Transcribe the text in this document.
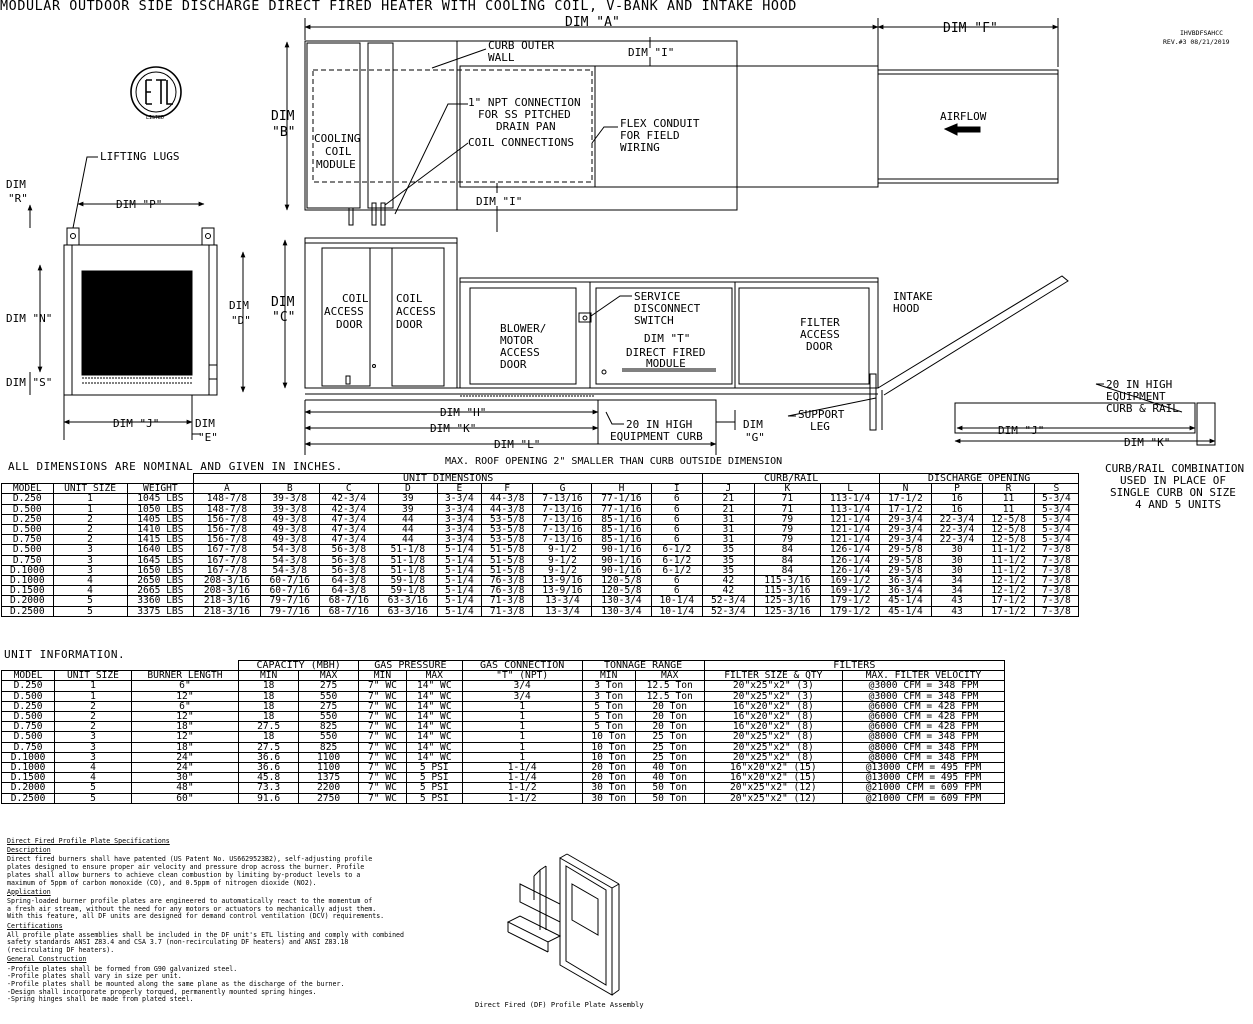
MODULAR OUTDOOR SIDE DISCHARGE DIRECT FIRED HEATER WITH COOLING COIL, V-BANK AND INTAKE HOOD
IHVBDFSAHCC
REV.#3 08/21/2019
LISTED
DIM "A"	DIM "F"
DIM "I"
DIM
"B"
CURB OUTER
WALL
1" NPT CONNECTION
FOR SS PITCHED
DRAIN PAN
COIL CONNECTIONS
FLEX CONDUIT
FOR FIELD
WIRING
COOLING
COIL
MODULE
AIRFLOW
DIM "I"
LIFTING LUGS
DIM
"R"	DIM "P"
DIM "N"
DIM
"D"
DIM "S"
DIM "J"	DIM
"E"
DIM
"C"
COIL
ACCESS
DOOR
COIL
ACCESS
DOOR	BLOWER/
MOTOR
ACCESS
DOOR
SERVICE
DISCONNECT
SWITCH
DIM "T"
DIRECT FIRED
MODULE
FILTER
ACCESS
DOOR
INTAKE
HOOD
DIM "H"
DIM "K"
DIM "L"
20 IN HIGH
EQUIPMENT CURB
DIM
"G"
SUPPORT
LEG
MAX. ROOF OPENING 2" SMALLER THAN CURB OUTSIDE DIMENSION
20 IN HIGH
EQUIPMENT
CURB & RAIL
DIM "J"
DIM "K"
CURB/RAIL COMBINATION
USED IN PLACE OF
SINGLE CURB ON SIZE
4 AND 5 UNITS
Direct Fired (DF) Profile Plate Assembly
ALL DIMENSIONS ARE NOMINAL AND GIVEN IN INCHES.
			UNIT DIMENSIONS									CURB/RAIL			DISCHARGE OPENING			
MODEL	UNIT SIZE	WEIGHT	A	B	C	D	E	F	G	H	I	J	K	L	N	P	R	S
D.250	1	1045 LBS	148-7/8	39-3/8	42-3/4	39	3-3/4	44-3/8	7-13/16	77-1/16	6	21	71	113-1/4	17-1/2	16	11	5-3/4
D.500	1	1050 LBS	148-7/8	39-3/8	42-3/4	39	3-3/4	44-3/8	7-13/16	77-1/16	6	21	71	113-1/4	17-1/2	16	11	5-3/4
D.250	2	1405 LBS	156-7/8	49-3/8	47-3/4	44	3-3/4	53-5/8	7-13/16	85-1/16	6	31	79	121-1/4	29-3/4	22-3/4	12-5/8	5-3/4
D.500	2	1410 LBS	156-7/8	49-3/8	47-3/4	44	3-3/4	53-5/8	7-13/16	85-1/16	6	31	79	121-1/4	29-3/4	22-3/4	12-5/8	5-3/4
D.750	2	1415 LBS	156-7/8	49-3/8	47-3/4	44	3-3/4	53-5/8	7-13/16	85-1/16	6	31	79	121-1/4	29-3/4	22-3/4	12-5/8	5-3/4
D.500	3	1640 LBS	167-7/8	54-3/8	56-3/8	51-1/8	5-1/4	51-5/8	9-1/2	90-1/16	6-1/2	35	84	126-1/4	29-5/8	30	11-1/2	7-3/8
D.750	3	1645 LBS	167-7/8	54-3/8	56-3/8	51-1/8	5-1/4	51-5/8	9-1/2	90-1/16	6-1/2	35	84	126-1/4	29-5/8	30	11-1/2	7-3/8
D.1000	3	1650 LBS	167-7/8	54-3/8	56-3/8	51-1/8	5-1/4	51-5/8	9-1/2	90-1/16	6-1/2	35	84	126-1/4	29-5/8	30	11-1/2	7-3/8
D.1000	4	2650 LBS	208-3/16	60-7/16	64-3/8	59-1/8	5-1/4	76-3/8	13-9/16	120-5/8	6	42	115-3/16	169-1/2	36-3/4	34	12-1/2	7-3/8
D.1500	4	2665 LBS	208-3/16	60-7/16	64-3/8	59-1/8	5-1/4	76-3/8	13-9/16	120-5/8	6	42	115-3/16	169-1/2	36-3/4	34	12-1/2	7-3/8
D.2000	5	3360 LBS	218-3/16	79-7/16	68-7/16	63-3/16	5-1/4	71-3/8	13-3/4	130-3/4	10-1/4	52-3/4	125-3/16	179-1/2	45-1/4	43	17-1/2	7-3/8
D.2500	5	3375 LBS	218-3/16	79-7/16	68-7/16	63-3/16	5-1/4	71-3/8	13-3/4	130-3/4	10-1/4	52-3/4	125-3/16	179-1/2	45-1/4	43	17-1/2	7-3/8
UNIT INFORMATION.
			CAPACITY (MBH)		GAS PRESSURE		GAS CONNECTION	TONNAGE RANGE		FILTERS	
MODEL	UNIT SIZE	BURNER LENGTH	MIN	MAX	MIN	MAX	"T" (NPT)	MIN	MAX	FILTER SIZE & QTY	MAX. FILTER VELOCITY
D.250	1	6"	18	275	7" WC	14" WC	3/4	3 Ton	12.5 Ton	20"x25"x2" (3)	@3000 CFM = 348 FPM
D.500	1	12"	18	550	7" WC	14" WC	3/4	3 Ton	12.5 Ton	20"x25"x2" (3)	@3000 CFM = 348 FPM
D.250	2	6"	18	275	7" WC	14" WC	1	5 Ton	20 Ton	16"x20"x2" (8)	@6000 CFM = 428 FPM
D.500	2	12"	18	550	7" WC	14" WC	1	5 Ton	20 Ton	16"x20"x2" (8)	@6000 CFM = 428 FPM
D.750	2	18"	27.5	825	7" WC	14" WC	1	5 Ton	20 Ton	16"x20"x2" (8)	@6000 CFM = 428 FPM
D.500	3	12"	18	550	7" WC	14" WC	1	10 Ton	25 Ton	20"x25"x2" (8)	@8000 CFM = 348 FPM
D.750	3	18"	27.5	825	7" WC	14" WC	1	10 Ton	25 Ton	20"x25"x2" (8)	@8000 CFM = 348 FPM
D.1000	3	24"	36.6	1100	7" WC	14" WC	1	10 Ton	25 Ton	20"x25"x2" (8)	@8000 CFM = 348 FPM
D.1000	4	24"	36.6	1100	7" WC	5 PSI	1-1/4	20 Ton	40 Ton	16"x20"x2" (15)	@13000 CFM = 495 FPM
D.1500	4	30"	45.8	1375	7" WC	5 PSI	1-1/4	20 Ton	40 Ton	16"x20"x2" (15)	@13000 CFM = 495 FPM
D.2000	5	48"	73.3	2200	7" WC	5 PSI	1-1/2	30 Ton	50 Ton	20"x25"x2" (12)	@21000 CFM = 609 FPM
D.2500	5	60"	91.6	2750	7" WC	5 PSI	1-1/2	30 Ton	50 Ton	20"x25"x2" (12)	@21000 CFM = 609 FPM

Direct Fired Profile Plate Specifications

Description

Direct fired burners shall have patented (US Patent No. US6629523B2), self-adjusting profile
plates designed to ensure proper air velocity and pressure drop across the burner. Profile
plates shall allow burners to achieve clean combustion by limiting by-product levels to a
maximum of 5ppm of carbon monoxide (CO), and 0.5ppm of nitrogen dioxide (NO2).

Application

Spring-loaded burner profile plates are engineered to automatically react to the momentum of
a fresh air stream, without the need for any motors or actuators to mechanically adjust them.
With this feature, all DF units are designed for demand control ventilation (DCV) requirements.

Certifications

All profile plate assemblies shall be included in the DF unit's ETL listing and comply with combined
safety standards ANSI Z83.4 and CSA 3.7 (non-recirculating DF heaters) and ANSI Z83.18
(recirculating DF heaters).

General Construction

-Profile plates shall be formed from G90 galvanized steel.
-Profile plates shall vary in size per unit.
-Profile plates shall be mounted along the same plane as the discharge of the burner.
-Design shall incorporate properly torqued, permanently mounted spring hinges.
-Spring hinges shall be made from plated steel.
